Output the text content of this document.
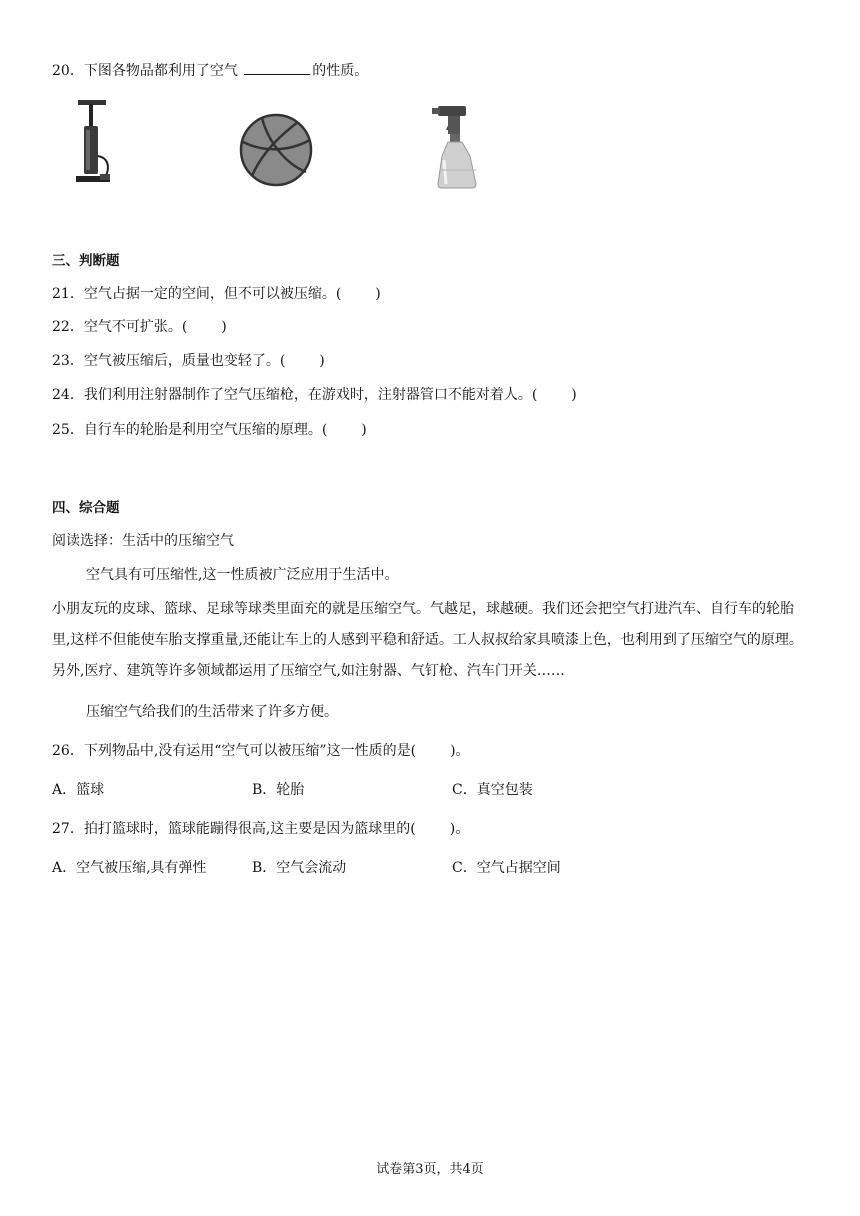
20．下图各物品都利用了空气	的性质。
三、判断题
21．空气占据一定的空间，但不可以被压缩。( )
22．空气不可扩张。( )
23．空气被压缩后，质量也变轻了。( )
24．我们利用注射器制作了空气压缩枪，在游戏时，注射器管口不能对着人。( )
25．自行车的轮胎是利用空气压缩的原理。( )
四、综合题
阅读选择：生活中的压缩空气
空气具有可压缩性,这一性质被广泛应用于生活中。
小朋友玩的皮球、篮球、足球等球类里面充的就是压缩空气。气越足，球越硬。我们还会把空气打进汽车、自行车的轮胎里,这样不但能使车胎支撑重量,还能让车上的人感到平稳和舒适。工人叔叔给家具喷漆上色，也利用到了压缩空气的原理。另外,医疗、建筑等许多领域都运用了压缩空气,如注射器、气钉枪、汽车门开关……
压缩空气给我们的生活带来了许多方便。
26．下列物品中,没有运用“空气可以被压缩”这一性质的是( )。
A．篮球	B．轮胎	C．真空包装
27．拍打篮球时，篮球能蹦得很高,这主要是因为篮球里的( )。
A．空气被压缩,具有弹性	B．空气会流动	C．空气占据空间
试卷第3页，共4页
